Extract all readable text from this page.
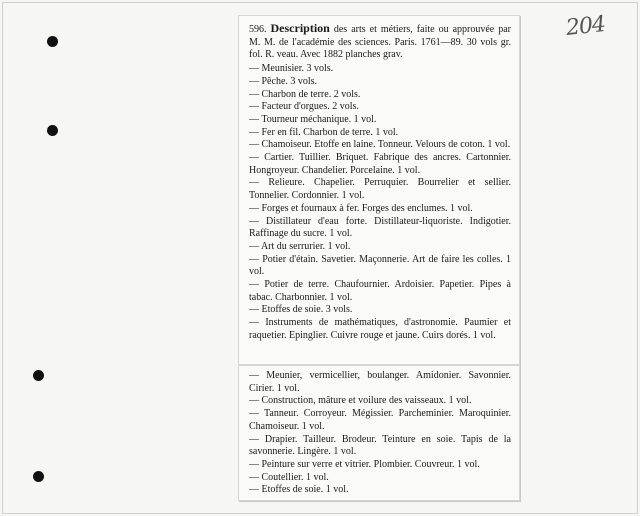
204

596. Description des arts et métiers, faite ou approuvée par M. M. de l'académie des sciences. Paris. 1761—89. 30 vols gr. fol. R. veau. Avec 1882 planches grav.

— Meunisier. 3 vols.

— Pêche. 3 vols.

— Charbon de terre. 2 vols.

— Facteur d'orgues. 2 vols.

— Tourneur méchanique. 1 vol.

— Fer en fil. Charbon de terre. 1 vol.

— Chamoiseur. Etoffe en laine. Tonneur. Velours de coton. 1 vol.

— Cartier. Tuillier. Briquet. Fabrique des ancres. Cartonnier. Hongroyeur. Chandelier. Porcelaine. 1 vol.

— Relieure. Chapelier. Perruquier. Bourrelier et sellier. Tonnelier. Cordonnier. 1 vol.

— Forges et fournaux à fer. Forges des enclumes. 1 vol.

— Distillateur d'eau forte. Distillateur-liquoriste. Indigotier. Raffinage du sucre. 1 vol.

— Art du serrurier. 1 vol.

— Potier d'étain. Savetier. Maçonnerie. Art de faire les colles. 1 vol.

— Potier de terre. Chaufournier. Ardoisier. Papetier. Pipes à tabac. Charbonnier. 1 vol.

— Etoffes de soie. 3 vols.

— Instruments de mathématiques, d'astronomie. Paumier et raquetier. Epinglier. Cuivre rouge et jaune. Cuirs dorés. 1 vol.

— Meunier, vermicellier, boulanger. Amidonier. Savonnier. Cirier. 1 vol.

— Construction, mâture et voilure des vaisseaux. 1 vol.

— Tanneur. Corroyeur. Mégissier. Parcheminier. Maroquinier. Chamoiseur. 1 vol.

— Drapier. Tailleur. Brodeur. Teinture en soie. Tapis de la savonnerie. Lingère. 1 vol.

— Peinture sur verre et vitrier. Plombier. Couvreur. 1 vol.

— Coutellier. 1 vol.

— Etoffes de soie. 1 vol.
